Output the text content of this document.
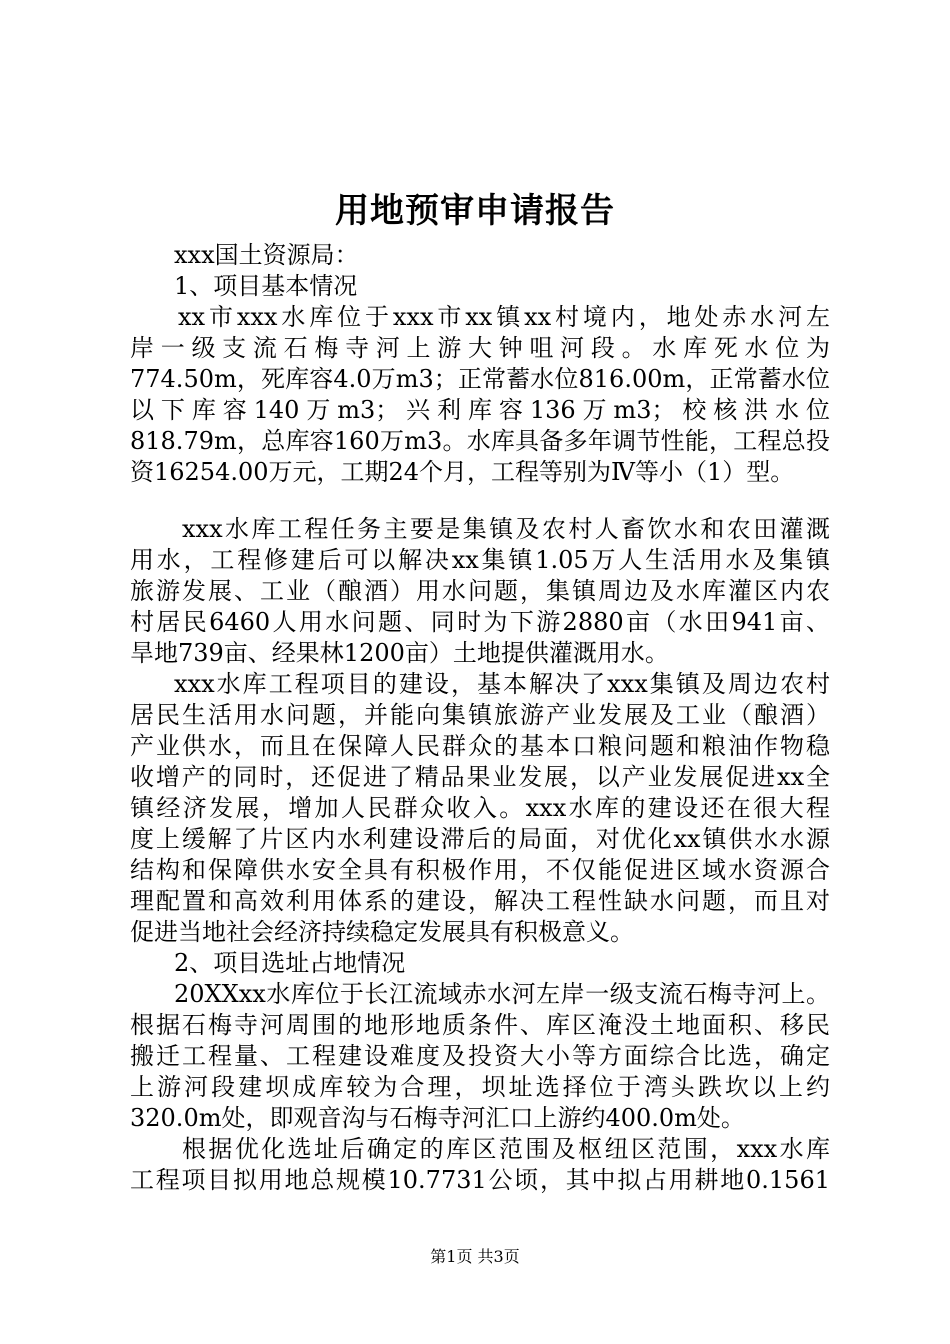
用地预审申请报告
xxx国土资源局：
1、项目基本情况
xx市xxx水库位于xxx市xx镇xx村境内，地处赤水河左
岸一级支流石梅寺河上游大钟咀河段。水库死水位为
774.50m，死库容4.0万m3；正常蓄水位816.00m，正常蓄水位
以下库容140万m3；兴利库容136万m3；校核洪水位
818.79m，总库容160万m3。水库具备多年调节性能，工程总投
资16254.00万元，工期24个月，工程等别为Ⅳ等小（1）型。
xxx水库工程任务主要是集镇及农村人畜饮水和农田灌溉
用水，工程修建后可以解决xx集镇1.05万人生活用水及集镇
旅游发展、工业（酿酒）用水问题，集镇周边及水库灌区内农
村居民6460人用水问题、同时为下游2880亩（水田941亩、
旱地739亩、经果林1200亩）土地提供灌溉用水。
xxx水库工程项目的建设，基本解决了xxx集镇及周边农村
居民生活用水问题，并能向集镇旅游产业发展及工业（酿酒）
产业供水，而且在保障人民群众的基本口粮问题和粮油作物稳
收增产的同时，还促进了精品果业发展，以产业发展促进xx全
镇经济发展，增加人民群众收入。xxx水库的建设还在很大程
度上缓解了片区内水利建设滞后的局面，对优化xx镇供水水源
结构和保障供水安全具有积极作用，不仅能促进区域水资源合
理配置和高效利用体系的建设，解决工程性缺水问题，而且对
促进当地社会经济持续稳定发展具有积极意义。
2、项目选址占地情况
20XXxx水库位于长江流域赤水河左岸一级支流石梅寺河上。
根据石梅寺河周围的地形地质条件、库区淹没土地面积、移民
搬迁工程量、工程建设难度及投资大小等方面综合比选，确定
上游河段建坝成库较为合理，坝址选择位于湾头跌坎以上约
320.0m处，即观音沟与石梅寺河汇口上游约400.0m处。
根据优化选址后确定的库区范围及枢纽区范围，xxx水库
工程项目拟用地总规模10.7731公顷，其中拟占用耕地0.1561
第1页 共3页
